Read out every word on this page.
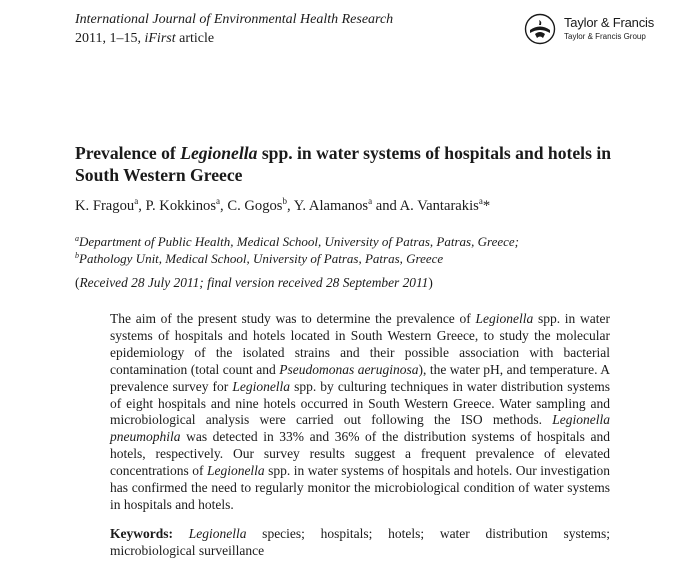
International Journal of Environmental Health Research
2011, 1–15, iFirst article
Taylor & Francis
Taylor & Francis Group
Prevalence of Legionella spp. in water systems of hospitals and hotels in South Western Greece
K. Fragou$^a$, P. Kokkinos$^a$, C. Gogos$^b$, Y. Alamanos$^a$ and A. Vantarakis$^a$*
$^a$Department of Public Health, Medical School, University of Patras, Patras, Greece;
$^b$Pathology Unit, Medical School, University of Patras, Patras, Greece
(Received 28 July 2011; final version received 28 September 2011)
The aim of the present study was to determine the prevalence of Legionella spp. in water systems of hospitals and hotels located in South Western Greece, to study the molecular epidemiology of the isolated strains and their possible association with bacterial contamination (total count and Pseudomonas aeruginosa), the water pH, and temperature. A prevalence survey for Legionella spp. by culturing techniques in water distribution systems of eight hospitals and nine hotels occurred in South Western Greece. Water sampling and microbiological analysis were carried out following the ISO methods. Legionella pneumophila was detected in 33% and 36% of the distribution systems of hospitals and hotels, respectively. Our survey results suggest a frequent prevalence of elevated concentrations of Legionella spp. in water systems of hospitals and hotels. Our investigation has confirmed the need to regularly monitor the microbiological condition of water systems in hospitals and hotels.
Keywords: Legionella species; hospitals; hotels; water distribution systems; microbiological surveillance
